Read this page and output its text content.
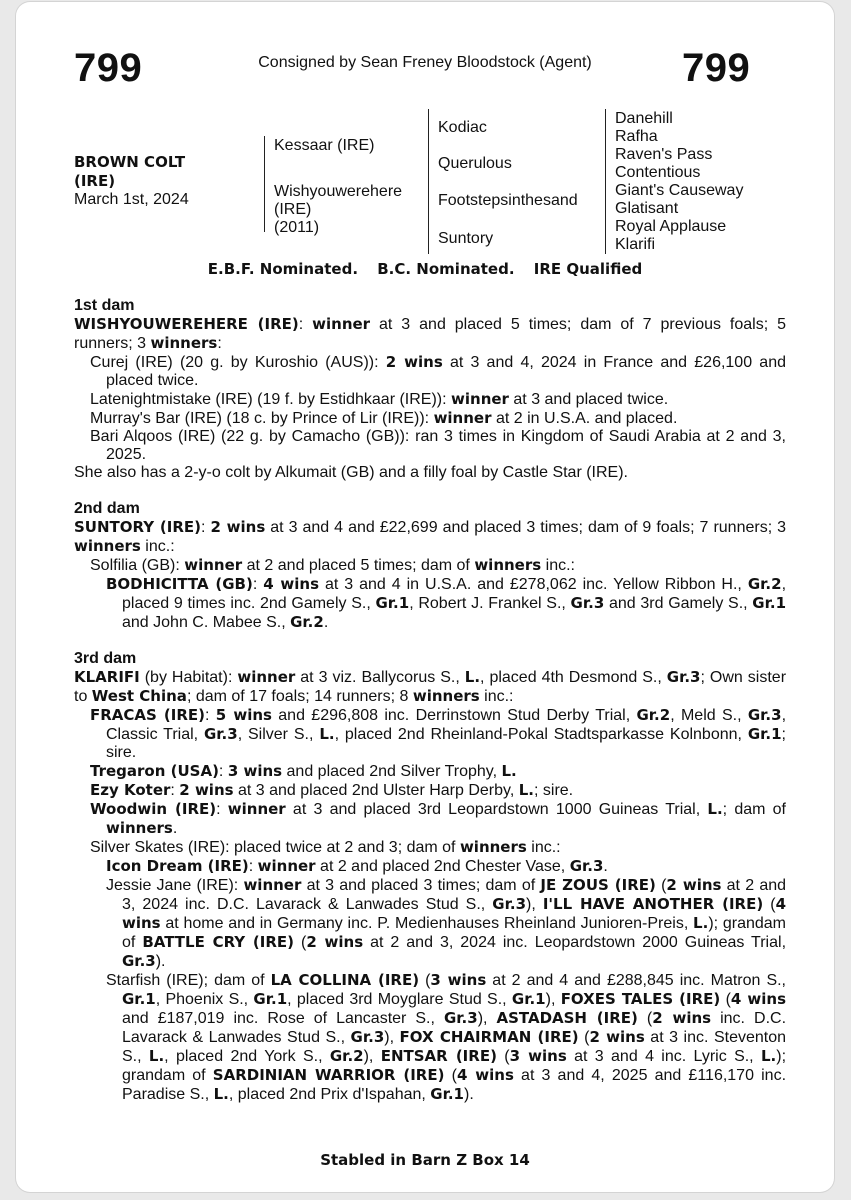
799	Consigned by Sean Freney Bloodstock (Agent)	799
BROWN COLT
(IRE)
March 1st, 2024
Kessaar (IRE)
Wishyouwerehere
(IRE)
(2011)
Kodiac
Querulous
Footstepsinthesand
Suntory
Danehill
Rafha
Raven's Pass
Contentious
Giant's Causeway
Glatisant
Royal Applause
Klarifi
E.B.F. Nominated. B.C. Nominated. IRE Qualified
1st dam
WISHYOUWEREHERE (IRE): winner at 3 and placed 5 times; dam of 7 previous foals; 5 runners; 3 winners:
Curej (IRE) (20 g. by Kuroshio (AUS)): 2 wins at 3 and 4, 2024 in France and £26,100 and placed twice.
Latenightmistake (IRE) (19 f. by Estidhkaar (IRE)): winner at 3 and placed twice.
Murray's Bar (IRE) (18 c. by Prince of Lir (IRE)): winner at 2 in U.S.A. and placed.
Bari Alqoos (IRE) (22 g. by Camacho (GB)): ran 3 times in Kingdom of Saudi Arabia at 2 and 3, 2025.
She also has a 2-y-o colt by Alkumait (GB) and a filly foal by Castle Star (IRE).
2nd dam
SUNTORY (IRE): 2 wins at 3 and 4 and £22,699 and placed 3 times; dam of 9 foals; 7 runners; 3 winners inc.:
Solfilia (GB): winner at 2 and placed 5 times; dam of winners inc.:
BODHICITTA (GB): 4 wins at 3 and 4 in U.S.A. and £278,062 inc. Yellow Ribbon H., Gr.2, placed 9 times inc. 2nd Gamely S., Gr.1, Robert J. Frankel S., Gr.3 and 3rd Gamely S., Gr.1 and John C. Mabee S., Gr.2.
3rd dam
KLARIFI (by Habitat): winner at 3 viz. Ballycorus S., L., placed 4th Desmond S., Gr.3; Own sister to West China; dam of 17 foals; 14 runners; 8 winners inc.:
FRACAS (IRE): 5 wins and £296,808 inc. Derrinstown Stud Derby Trial, Gr.2, Meld S., Gr.3, Classic Trial, Gr.3, Silver S., L., placed 2nd Rheinland-Pokal Stadtsparkasse Kolnbonn, Gr.1; sire.
Tregaron (USA): 3 wins and placed 2nd Silver Trophy, L.
Ezy Koter: 2 wins at 3 and placed 2nd Ulster Harp Derby, L.; sire.
Woodwin (IRE): winner at 3 and placed 3rd Leopardstown 1000 Guineas Trial, L.; dam of winners.
Silver Skates (IRE): placed twice at 2 and 3; dam of winners inc.:
Icon Dream (IRE): winner at 2 and placed 2nd Chester Vase, Gr.3.
Jessie Jane (IRE): winner at 3 and placed 3 times; dam of JE ZOUS (IRE) (2 wins at 2 and 3, 2024 inc. D.C. Lavarack & Lanwades Stud S., Gr.3), I'LL HAVE ANOTHER (IRE) (4 wins at home and in Germany inc. P. Medienhauses Rheinland Junioren-Preis, L.); grandam of BATTLE CRY (IRE) (2 wins at 2 and 3, 2024 inc. Leopardstown 2000 Guineas Trial, Gr.3).
Starfish (IRE); dam of LA COLLINA (IRE) (3 wins at 2 and 4 and £288,845 inc. Matron S., Gr.1, Phoenix S., Gr.1, placed 3rd Moyglare Stud S., Gr.1), FOXES TALES (IRE) (4 wins and £187,019 inc. Rose of Lancaster S., Gr.3), ASTADASH (IRE) (2 wins inc. D.C. Lavarack & Lanwades Stud S., Gr.3), FOX CHAIRMAN (IRE) (2 wins at 3 inc. Steventon S., L., placed 2nd York S., Gr.2), ENTSAR (IRE) (3 wins at 3 and 4 inc. Lyric S., L.); grandam of SARDINIAN WARRIOR (IRE) (4 wins at 3 and 4, 2025 and £116,170 inc. Paradise S., L., placed 2nd Prix d'Ispahan, Gr.1).
Stabled in Barn Z Box 14
